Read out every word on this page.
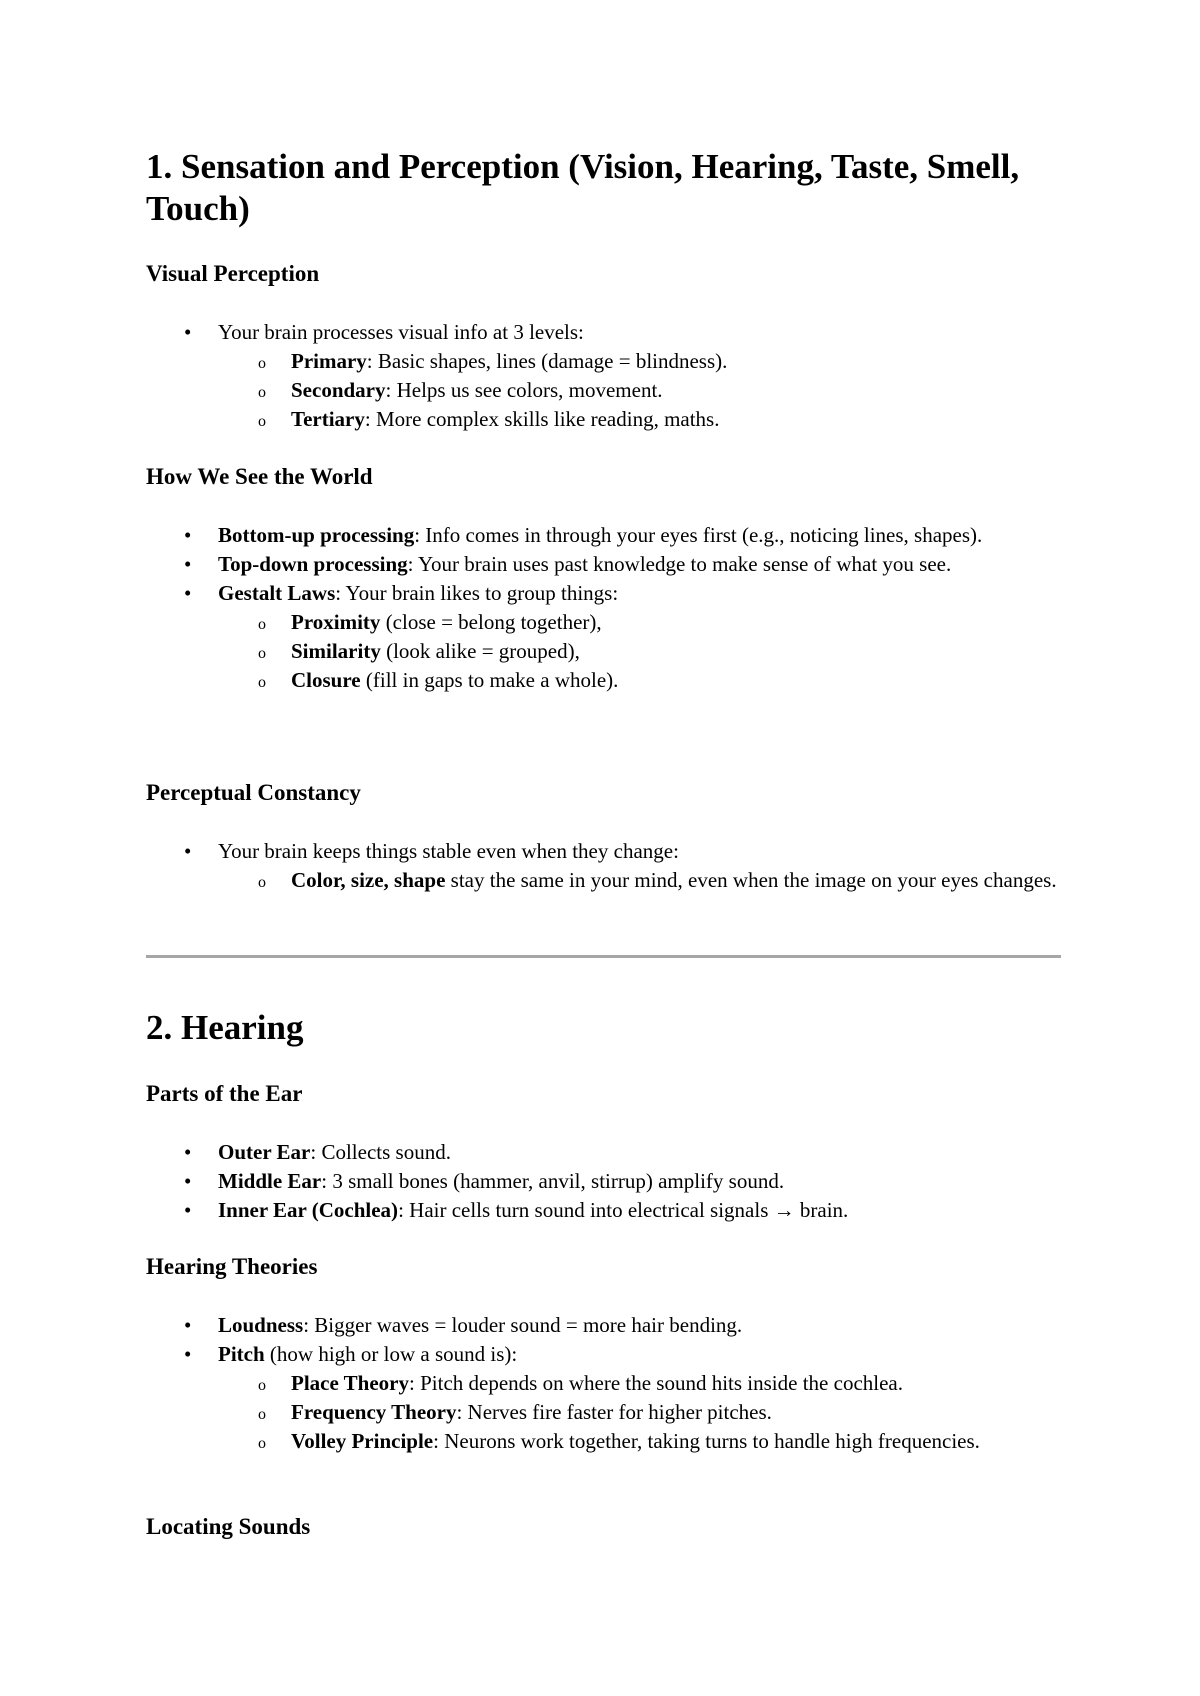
1. Sensation and Perception (Vision, Hearing, Taste, Smell, Touch)
Visual Perception
• Your brain processes visual info at 3 levels:
o Primary: Basic shapes, lines (damage = blindness).
o Secondary: Helps us see colors, movement.
o Tertiary: More complex skills like reading, maths.
How We See the World
• Bottom-up processing: Info comes in through your eyes first (e.g., noticing lines, shapes).
• Top-down processing: Your brain uses past knowledge to make sense of what you see.
• Gestalt Laws: Your brain likes to group things:
o Proximity (close = belong together),
o Similarity (look alike = grouped),
o Closure (fill in gaps to make a whole).
Perceptual Constancy
• Your brain keeps things stable even when they change:
o Color, size, shape stay the same in your mind, even when the image on your eyes changes.
2. Hearing
Parts of the Ear
• Outer Ear: Collects sound.
• Middle Ear: 3 small bones (hammer, anvil, stirrup) amplify sound.
• Inner Ear (Cochlea): Hair cells turn sound into electrical signals → brain.
Hearing Theories
• Loudness: Bigger waves = louder sound = more hair bending.
• Pitch (how high or low a sound is):
o Place Theory: Pitch depends on where the sound hits inside the cochlea.
o Frequency Theory: Nerves fire faster for higher pitches.
o Volley Principle: Neurons work together, taking turns to handle high frequencies.
Locating Sounds
